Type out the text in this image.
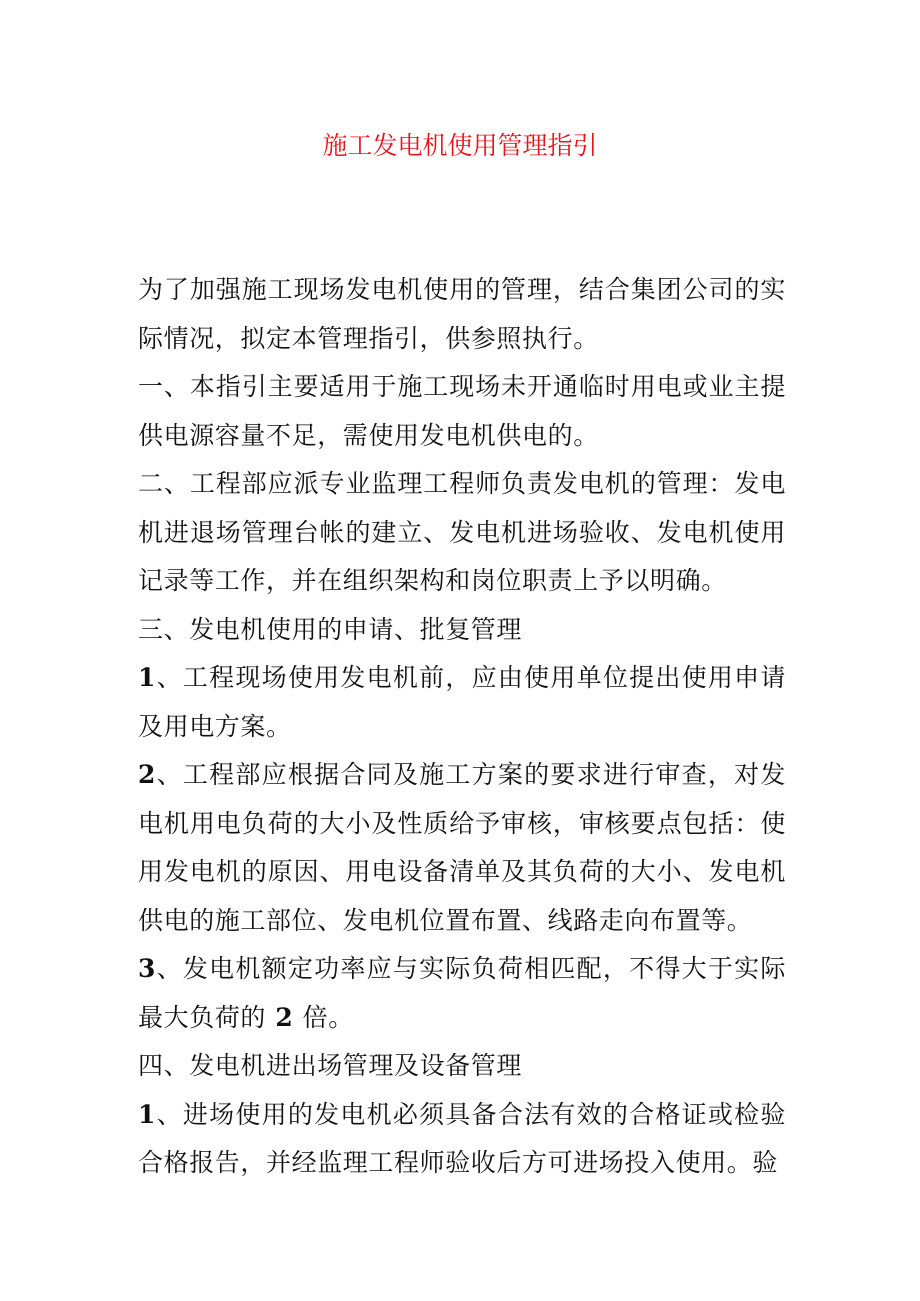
施工发电机使用管理指引

为了加强施工现场发电机使用的管理，结合集团公司的实际情况，拟定本管理指引，供参照执行。

一、本指引主要适用于施工现场未开通临时用电或业主提供电源容量不足，需使用发电机供电的。

二、工程部应派专业监理工程师负责发电机的管理：发电机进退场管理台帐的建立、发电机进场验收、发电机使用记录等工作，并在组织架构和岗位职责上予以明确。

三、发电机使用的申请、批复管理

1、工程现场使用发电机前，应由使用单位提出使用申请及用电方案。

2、工程部应根据合同及施工方案的要求进行审查，对发电机用电负荷的大小及性质给予审核，审核要点包括：使用发电机的原因、用电设备清单及其负荷的大小、发电机供电的施工部位、发电机位置布置、线路走向布置等。

3、发电机额定功率应与实际负荷相匹配，不得大于实际最大负荷的 2 倍。

四、发电机进出场管理及设备管理

1、进场使用的发电机必须具备合法有效的合格证或检验合格报告，并经监理工程师验收后方可进场投入使用。验
